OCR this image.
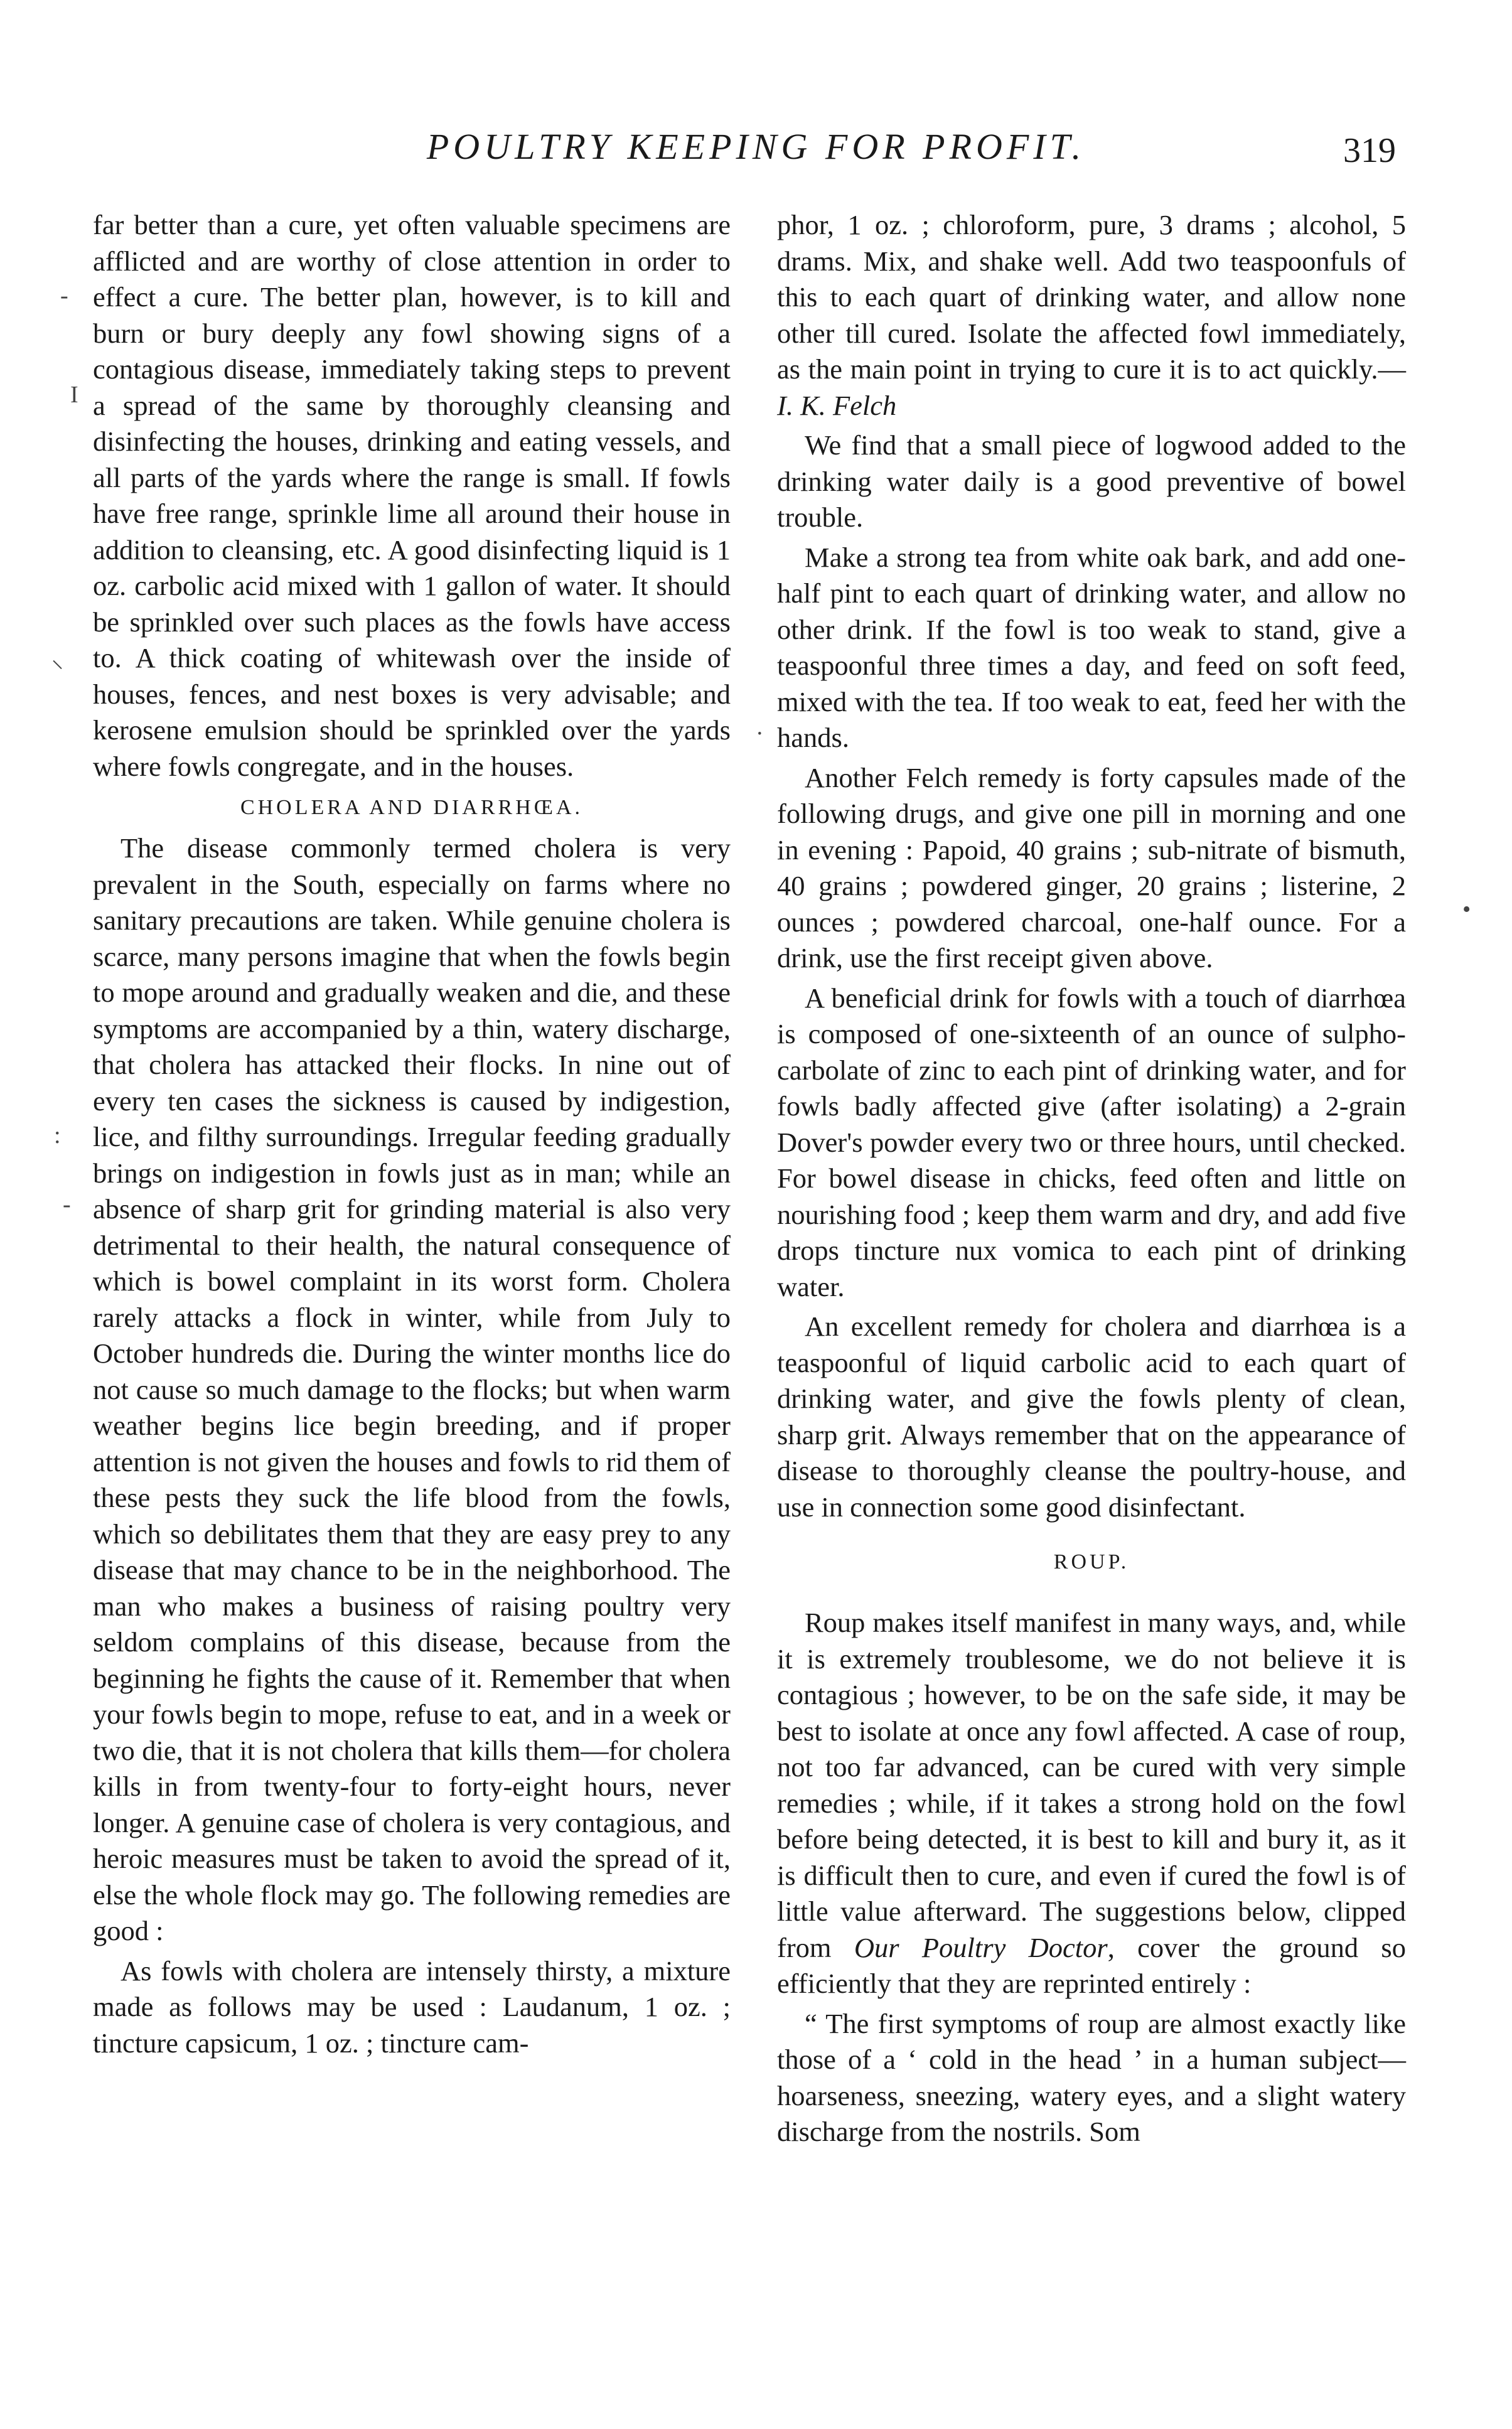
POULTRY KEEPING FOR PROFIT.	319
-
I
⸌
:
-
·
•

far better than a cure, yet often valuable specimens are afflicted and are worthy of close attention in order to effect a cure. The better plan, however, is to kill and burn or bury deeply any fowl showing signs of a contagious disease, immediately taking steps to prevent a spread of the same by thoroughly cleansing and disinfecting the houses, drinking and eating vessels, and all parts of the yards where the range is small. If fowls have free range, sprinkle lime all around their house in addition to cleansing, etc. A good disinfecting liquid is 1 oz. carbolic acid mixed with 1 gallon of water. It should be sprinkled over such places as the fowls have access to. A thick coating of whitewash over the inside of houses, fences, and nest boxes is very advisable; and kerosene emulsion should be sprinkled over the yards where fowls congregate, and in the houses.

CHOLERA AND DIARRHŒA.

The disease commonly termed cholera is very prevalent in the South, especially on farms where no sanitary precautions are taken. While genuine cholera is scarce, many persons imagine that when the fowls begin to mope around and gradually weaken and die, and these symptoms are accompanied by a thin, watery discharge, that cholera has attacked their flocks. In nine out of every ten cases the sickness is caused by indigestion, lice, and filthy surroundings. Irregular feeding gradually brings on indigestion in fowls just as in man; while an absence of sharp grit for grinding material is also very detrimental to their health, the natural consequence of which is bowel complaint in its worst form. Cholera rarely attacks a flock in winter, while from July to October hundreds die. During the winter months lice do not cause so much damage to the flocks; but when warm weather begins lice begin breeding, and if proper attention is not given the houses and fowls to rid them of these pests they suck the life blood from the fowls, which so debilitates them that they are easy prey to any disease that may chance to be in the neighborhood. The man who makes a business of raising poultry very seldom complains of this disease, because from the beginning he fights the cause of it. Remember that when your fowls begin to mope, refuse to eat, and in a week or two die, that it is not cholera that kills them—for cholera kills in from twenty-four to forty-eight hours, never longer. A genuine case of cholera is very contagious, and heroic measures must be taken to avoid the spread of it, else the whole flock may go. The following remedies are good :

As fowls with cholera are intensely thirsty, a mixture made as follows may be used : Laudanum, 1 oz. ; tincture capsicum, 1 oz. ; tincture cam-

phor, 1 oz. ; chloroform, pure, 3 drams ; alcohol, 5 drams. Mix, and shake well. Add two teaspoonfuls of this to each quart of drinking water, and allow none other till cured. Isolate the affected fowl immediately, as the main point in trying to cure it is to act quickly.—I. K. Felch

We find that a small piece of logwood added to the drinking water daily is a good preventive of bowel trouble.

Make a strong tea from white oak bark, and add one-half pint to each quart of drinking water, and allow no other drink. If the fowl is too weak to stand, give a teaspoonful three times a day, and feed on soft feed, mixed with the tea. If too weak to eat, feed her with the hands.

Another Felch remedy is forty capsules made of the following drugs, and give one pill in morning and one in evening : Papoid, 40 grains ; sub-nitrate of bismuth, 40 grains ; powdered ginger, 20 grains ; listerine, 2 ounces ; powdered charcoal, one-half ounce. For a drink, use the first receipt given above.

A beneficial drink for fowls with a touch of diarrhœa is composed of one-sixteenth of an ounce of sulpho-carbolate of zinc to each pint of drinking water, and for fowls badly affected give (after isolating) a 2-grain Dover's powder every two or three hours, until checked. For bowel disease in chicks, feed often and little on nourishing food ; keep them warm and dry, and add five drops tincture nux vomica to each pint of drinking water.

An excellent remedy for cholera and diarrhœa is a teaspoonful of liquid carbolic acid to each quart of drinking water, and give the fowls plenty of clean, sharp grit. Always remember that on the appearance of disease to thoroughly cleanse the poultry-house, and use in connection some good disinfectant.

ROUP.

Roup makes itself manifest in many ways, and, while it is extremely troublesome, we do not believe it is contagious ; however, to be on the safe side, it may be best to isolate at once any fowl affected. A case of roup, not too far advanced, can be cured with very simple remedies ; while, if it takes a strong hold on the fowl before being detected, it is best to kill and bury it, as it is difficult then to cure, and even if cured the fowl is of little value afterward. The suggestions below, clipped from Our Poultry Doctor, cover the ground so efficiently that they are reprinted entirely :

“ The first symptoms of roup are almost exactly like those of a ‘ cold in the head ’ in a human subject—hoarseness, sneezing, watery eyes, and a slight watery discharge from the nostrils. Som
